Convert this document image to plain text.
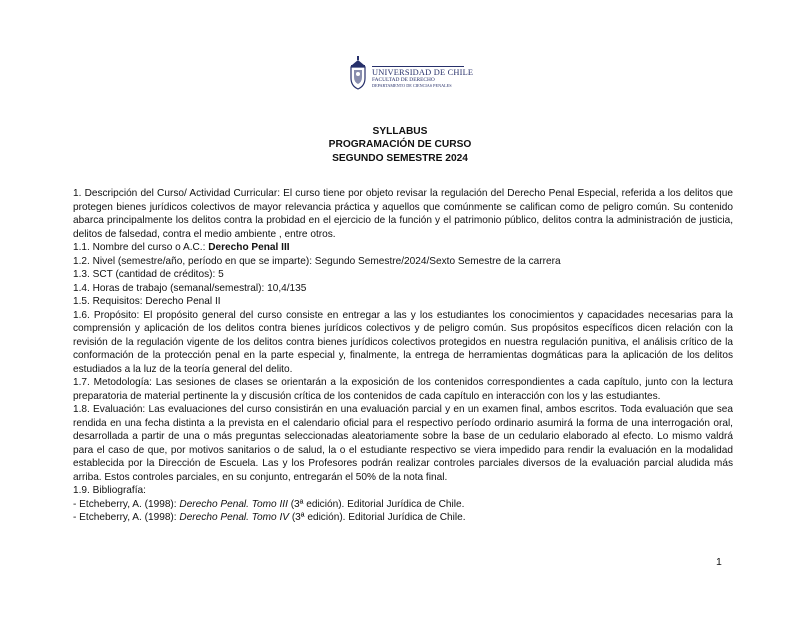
UNIVERSIDAD DE CHILE
FACULTAD DE DERECHO
DEPARTAMENTO DE CIENCIAS PENALES
SYLLABUS
PROGRAMACIÓN DE CURSO
SEGUNDO SEMESTRE 2024

1. Descripción del Curso/ Actividad Curricular: El curso tiene por objeto revisar la regulación del Derecho Penal Especial, referida a los delitos que protegen bienes jurídicos colectivos de mayor relevancia práctica y aquellos que comúnmente se califican como de peligro común. Su contenido abarca principalmente los delitos contra la probidad en el ejercicio de la función y el patrimonio público, delitos contra la administración de justicia, delitos de falsedad, contra el medio ambiente , entre otros.

1.1. Nombre del curso o A.C.: Derecho Penal III

1.2. Nivel (semestre/año, período en que se imparte): Segundo Semestre/2024/Sexto Semestre de la carrera

1.3. SCT (cantidad de créditos): 5

1.4. Horas de trabajo (semanal/semestral): 10,4/135

1.5. Requisitos: Derecho Penal II

1.6. Propósito: El propósito general del curso consiste en entregar a las y los estudiantes los conocimientos y capacidades necesarias para la comprensión y aplicación de los delitos contra bienes jurídicos colectivos y de peligro común. Sus propósitos específicos dicen relación con la revisión de la regulación vigente de los delitos contra bienes jurídicos colectivos protegidos en nuestra regulación punitiva, el análisis crítico de la conformación de la protección penal en la parte especial y, finalmente, la entrega de herramientas dogmáticas para la aplicación de los delitos estudiados a la luz de la teoría general del delito.

1.7. Metodología: Las sesiones de clases se orientarán a la exposición de los contenidos correspondientes a cada capítulo, junto con la lectura preparatoria de material pertinente la y discusión crítica de los contenidos de cada capítulo en interacción con los y las estudiantes.

1.8. Evaluación: Las evaluaciones del curso consistirán en una evaluación parcial y en un examen final, ambos escritos. Toda evaluación que sea rendida en una fecha distinta a la prevista en el calendario oficial para el respectivo período ordinario asumirá la forma de una interrogación oral, desarrollada a partir de una o más preguntas seleccionadas aleatoriamente sobre la base de un cedulario elaborado al efecto. Lo mismo valdrá para el caso de que, por motivos sanitarios o de salud, la o el estudiante respectivo se viera impedido para rendir la evaluación en la modalidad establecida por la Dirección de Escuela. Las y los Profesores podrán realizar controles parciales diversos de la evaluación parcial aludida más arriba. Estos controles parciales, en su conjunto, entregarán el 50% de la nota final.

1.9. Bibliografía:

- Etcheberry, A. (1998): Derecho Penal. Tomo III (3ª edición). Editorial Jurídica de Chile.

- Etcheberry, A. (1998): Derecho Penal. Tomo IV (3ª edición). Editorial Jurídica de Chile.

1
